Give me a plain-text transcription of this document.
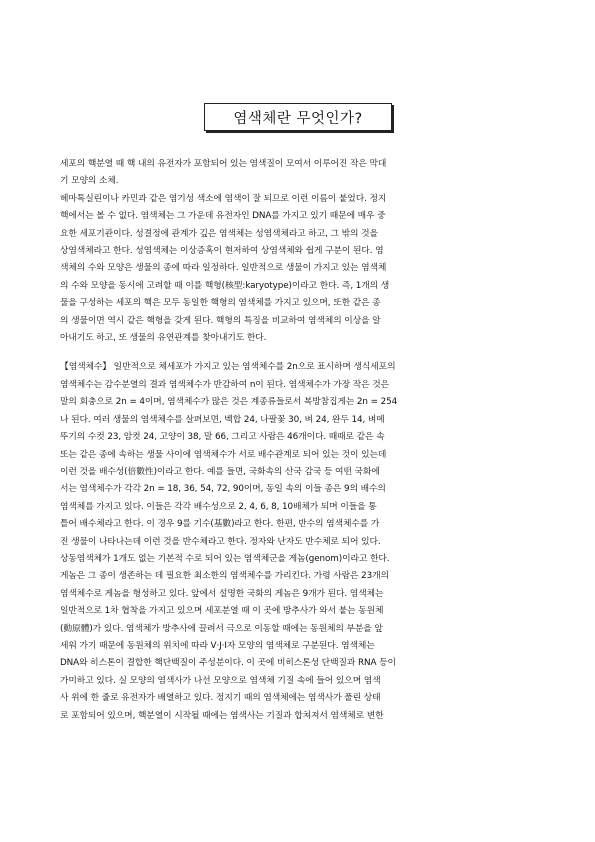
염색체란 무엇인가?
세포의 핵분열 때 핵 내의 유전자가 포함되어 있는 염색질이 모여서 이루어진 작은 막대
기 모양의 소체.
헤마톡실린이나 카민과 같은 염기성 색소에 염색이 잘 되므로 이런 이름이 붙었다. 정지
핵에서는 볼 수 없다. 염색체는 그 가운데 유전자인 DNA를 가지고 있기 때문에 매우 중
요한 세포기관이다. 성결정에 관계가 깊은 염색체는 성염색체라고 하고, 그 밖의 것을
상염색체라고 한다. 성염색체는 이상증혹이 현저하여 상염색체와 쉽게 구분이 된다. 염
색체의 수와 모양은 생물의 종에 따라 일정하다. 일반적으로 생물이 가지고 있는 염색체
의 수와 모양을 동시에 고려할 때 이를 핵형(核型:karyotype)이라고 한다. 즉, 1개의 생
물을 구성하는 세포의 핵은 모두 동일한 핵형의 염색체를 가지고 있으며, 또한 같은 종
의 생물이면 역시 같은 핵형을 갖게 된다. 핵형의 특징을 비교하여 염색체의 이상을 알
아내기도 하고, 또 생물의 유연관계를 찾아내기도 한다.
【염색체수】 일반적으로 체세포가 가지고 있는 염색체수를 2n으로 표시하며 생식세포의
염색체수는 감수분열의 결과 염색체수가 반감하여 n이 된다. 염색체수가 가장 작은 것은
말의 회충으로 2n = 4이며, 염색체수가 많은 것은 계종류들로서 복방참집게는 2n = 254
나 된다. 여러 생물의 염색체수를 살펴보면, 벡합 24, 나팔꽃 30, 벼 24, 완두 14, 벼메
뚜기의 수컷 23, 암컷 24, 고양이 38, 말 66, 그리고 사람은 46개이다. 때때로 같은 속
또는 같은 종에 속하는 생물 사이에 염색체수가 서로 배수관계로 되어 있는 것이 있는데
이런 것을 배수성(倍數性)이라고 한다. 예를 들면, 국화속의 산국 감국 등 여떤 국화에
서는 염색체수가 각각 2n = 18, 36, 54, 72, 90이며, 동일 속의 이들 종은 9의 배수의
염색체를 가지고 있다. 이들은 각각 배수성으로 2, 4, 6, 8, 10배체가 되며 이들을 통
틀어 배수체라고 한다. 이 경우 9를 기수(基數)라고 한다. 한편, 반수의 염색체수를 가
진 생물이 나타나는데 이런 것을 반수체라고 한다. 정자와 난자도 반수체로 되어 있다.
상동염색체가 1개도 없는 기본적 수로 되어 있는 염색체군을 게놈(genom)이라고 한다.
게놈은 그 종이 생존하는 데 필요한 최소한의 염색체수를 가리킨다. 가령 사람은 23개의
염색체수로 게놈을 형성하고 있다. 앞에서 설명한 국화의 게놈은 9개가 된다. 염색체는
일반적으로 1차 협착을 가지고 있으며 세포분열 때 이 곳에 방추사가 와서 붙는 동원체
(動原體)가 있다. 염색체가 방추사에 끌려서 극으로 이동할 때에는 동원체의 부분을 앞
세워 가기 때문에 동원체의 위치에 따라 V·J·I자 모양의 염색체로 구분된다. 염색체는
DNA와 히스톤이 결합한 핵단백질이 주성분이다. 이 곳에 비히스톤성 단백질과 RNA 등이
가미하고 있다. 실 모양의 염색사가 나선 모양으로 염색체 기질 속에 들어 있으며 염색
사 위에 한 줄로 유전자가 배열하고 있다. 정지기 때의 염색체에는 염색사가 풀린 상태
로 포함되어 있으며, 핵분열이 시작될 때에는 염색사는 기질과 합쳐져서 염색체로 변한
